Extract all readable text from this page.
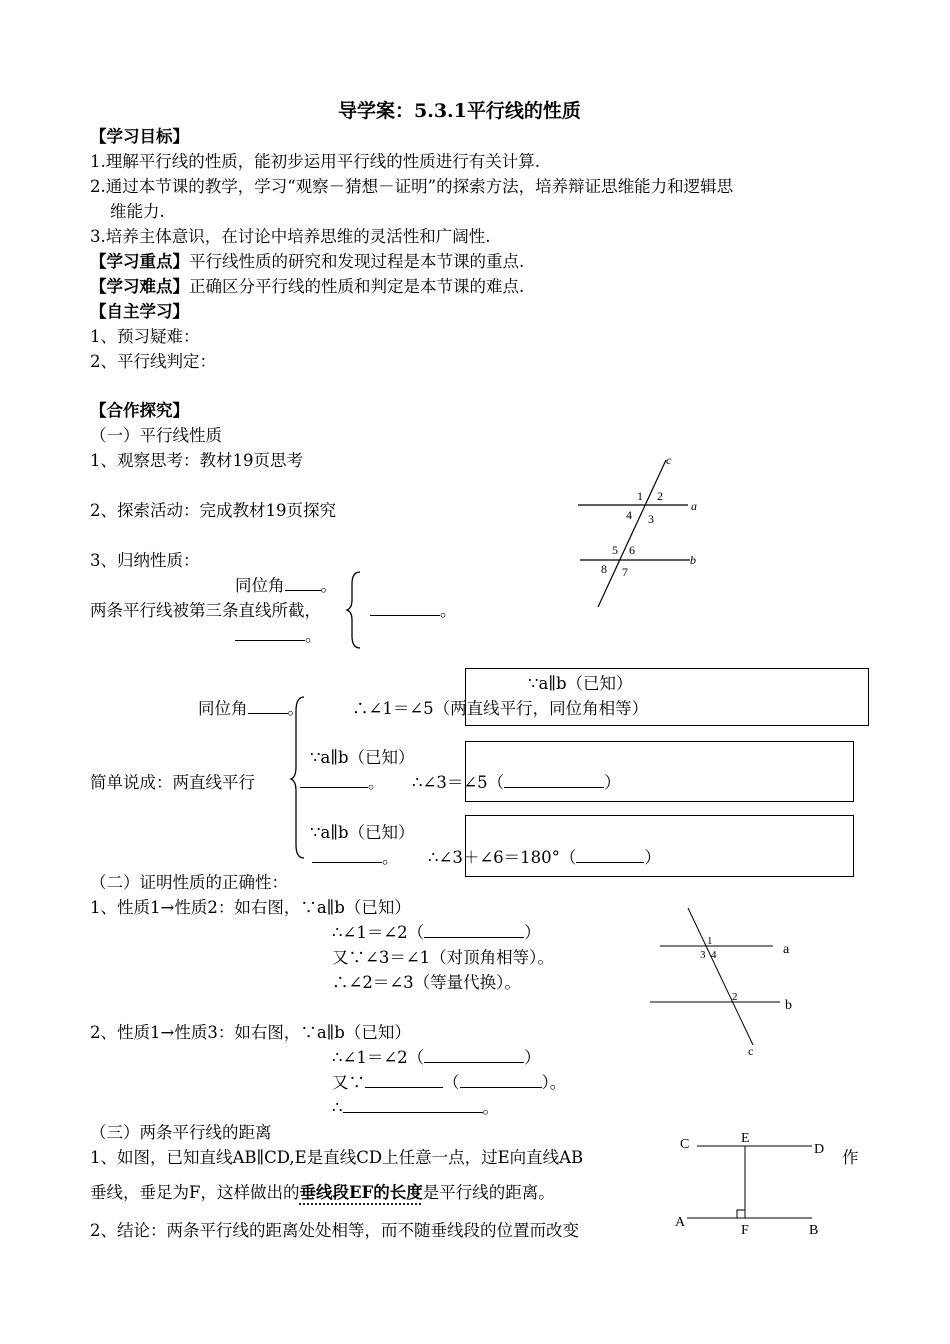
导学案：5.3.1平行线的性质
【学习目标】
1.理解平行线的性质，能初步运用平行线的性质进行有关计算.
2.通过本节课的教学，学习“观察－猜想－证明”的探索方法，培养辩证思维能力和逻辑思
维能力.
3.培养主体意识，在讨论中培养思维的灵活性和广阔性.
【学习重点】平行线性质的研究和发现过程是本节课的重点.
【学习难点】正确区分平行线的性质和判定是本节课的难点.
【自主学习】
1、预习疑难：
2、平行线判定：
【合作探究】
（一）平行线性质
1、观察思考：教材19页思考
2、探索活动：完成教材19页探究
3、归纳性质：
c
1 2
a
4 3
5 6
b
8 7
同位角 。
两条平行线被第三条直线所截，	。
。
∵a∥b（已知）
同位角 。	∴∠1＝∠5（两直线平行，同位角相等）
∵a∥b（已知）
简单说成：两直线平行	。 ∴∠3＝∠5（	）
∵a∥b（已知）
。 ∴∠3＋∠6＝180°（	）
（二）证明性质的正确性：
1、性质1→性质2：如右图，∵a∥b（已知）
∴∠1＝∠2（	）
又∵∠3＝∠1（对顶角相等）。
∴∠2＝∠3（等量代换）。
1
3 4	a
2
b
c
2、性质1→性质3：如右图，∵a∥b（已知）
∴∠1＝∠2（	）
又∵	（	）。
∴	。
（三）两条平行线的距离
1、如图，已知直线AB∥CD,E是直线CD上任意一点，过E向直线AB	作
垂线，垂足为F，这样做出的垂线段EF的长度是平行线的距离。
2、结论：两条平行线的距离处处相等，而不随垂线段的位置而改变
C	E
D
A
F	B
